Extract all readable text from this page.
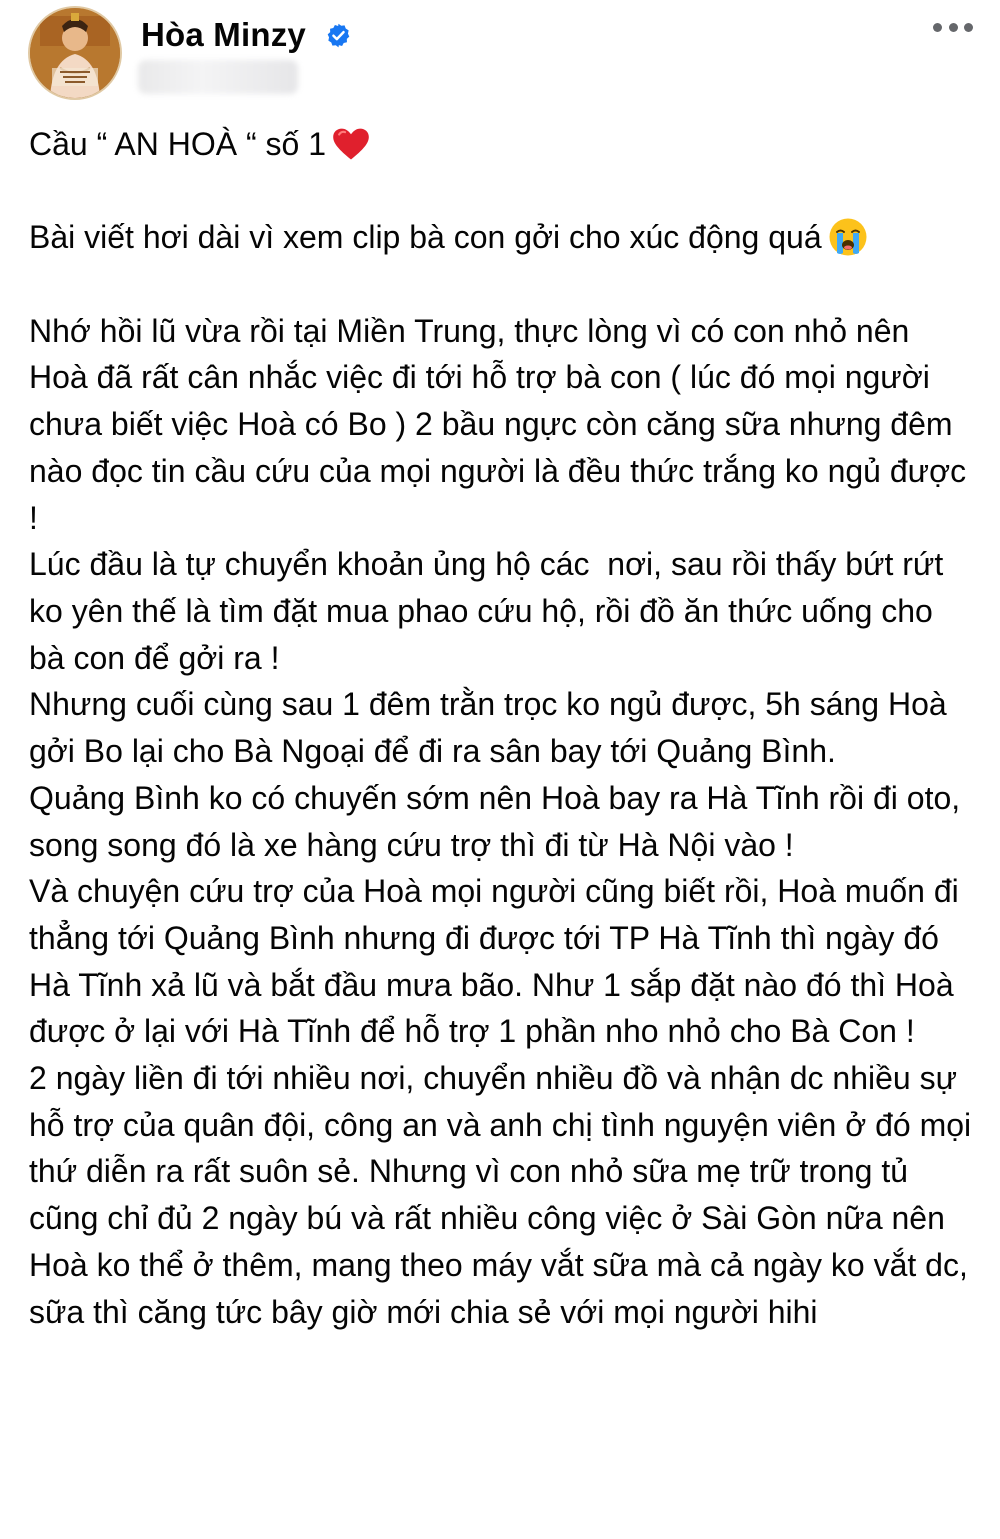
Hòa Minzy

Cầu “ AN HOÀ “ số 1

Bài viết hơi dài vì xem clip bà con gởi cho xúc động quá

Nhớ hồi lũ vừa rồi tại Miền Trung, thực lòng vì có con nhỏ nên Hoà đã rất cân nhắc việc đi tới hỗ trợ bà con ( lúc đó mọi người chưa biết việc Hoà có Bo ) 2 bầu ngực còn căng sữa nhưng đêm nào đọc tin cầu cứu của mọi người là đều thức trắng ko ngủ được !

Lúc đầu là tự chuyển khoản ủng hộ các  nơi, sau rồi thấy bứt rứt ko yên thế là tìm đặt mua phao cứu hộ, rồi đồ ăn thức uống cho bà con để gởi ra !

Nhưng cuối cùng sau 1 đêm trằn trọc ko ngủ được, 5h sáng Hoà gởi Bo lại cho Bà Ngoại để đi ra sân bay tới Quảng Bình.

Quảng Bình ko có chuyến sớm nên Hoà bay ra Hà Tĩnh rồi đi oto, song song đó là xe hàng cứu trợ thì đi từ Hà Nội vào !

Và chuyện cứu trợ của Hoà mọi người cũng biết rồi, Hoà muốn đi thẳng tới Quảng Bình nhưng đi được tới TP Hà Tĩnh thì ngày đó Hà Tĩnh xả lũ và bắt đầu mưa bão. Như 1 sắp đặt nào đó thì Hoà được ở lại với Hà Tĩnh để hỗ trợ 1 phần nho nhỏ cho Bà Con !

2 ngày liền đi tới nhiều nơi, chuyển nhiều đồ và nhận dc nhiều sự hỗ trợ của quân đội, công an và anh chị tình nguyện viên ở đó mọi thứ diễn ra rất suôn sẻ. Nhưng vì con nhỏ sữa mẹ trữ trong tủ cũng chỉ đủ 2 ngày bú và rất nhiều công việc ở Sài Gòn nữa nên Hoà ko thể ở thêm, mang theo máy vắt sữa mà cả ngày ko vắt dc, sữa thì căng tức bây giờ mới chia sẻ với mọi người hihi
